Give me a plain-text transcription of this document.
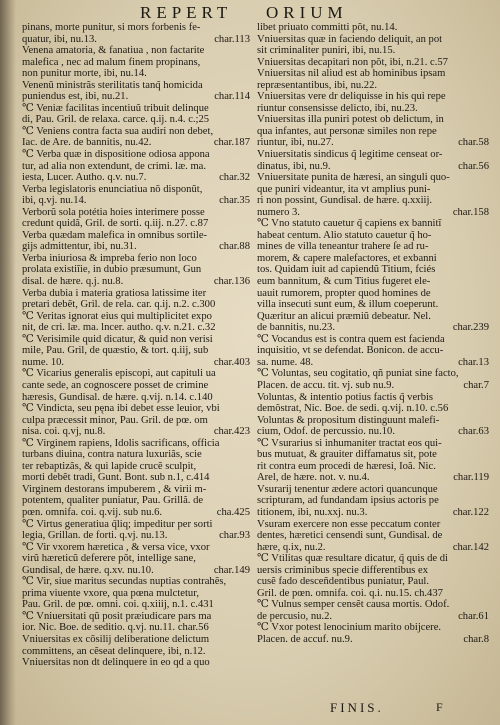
REPERT ORIUM
pinans, morte punitur, si mors forbenis fe-
quatur, ibi, nu.13.	char.113
Venena amatoria, & fanatiua , non factarite
malefica , nec ad malum finem propinans,
non punitur morte, ibi, nu.14.
Venenũ ministrãs sterilitatis tanq̃ homicida
puniendus est, ibi, nu.21.	char.114
℃ Veniæ facilitas incentiuũ tribuit delinque
di, Pau. Gril. de relaxa. carce. q.ij. n.4. c.;25
℃ Veniens contra facta sua audiri non debet,
Iac. de Are. de bannitis, nu.42.	char.187
℃ Verba quæ in dispositione odiosa appona
tur, ad alia non extendunt, de crimi. læ. ma.
iesta, Lucer. Autho. q.v. nu.7.	char.32
Verba legislatoris enunciatiua nõ disponũt,
ibi, q.vj. nu.14.	char.35
Verborũ sola potétia hoies interimere posse
credunt quidã, Gril. de sorti. q.iij. n.27. c.87
Verba quædam malefica in omnibus sortile-
gijs admittentur, ibi, nu.31.	char.88
Verba iniuriosa & impreba ferio non loco
prolata existiĩie, in dubio præsumunt, Gun
disal. de hære. q.j. nu.8.	char.136
Verba dubia i materia gratiosa latissime iter
pretari debẽt, Gril. de rela. car. q.ij. n.2. c.300
℃ Veritas ignorat eius qui multiplicitet expo
nit, de cri. læ. ma. lncer. autho. q.v. n.21. c.32
℃ Verisimile quid dicatur, & quid non verisi
mile, Pau. Gril, de quæstio, & tort. q.iij, sub
nume. 10.	char.403
℃ Vicarius generalis episcopi, aut capituli ua
cante sede, an cognoscere posset de crimine
hæresis, Gundisal. de hære. q.vij. n.14. c.140
℃ Vindicta, seu pęna ibi debet esse leuior, vbi
culpa præcessit minor, Pau. Gril. de pœ. om
nisa. coi. q.vj, nu.8.	char.423
℃ Virginem rapiens, Idolis sacrificans, officia
turbans diuina, contra natura luxuriãs, scie
ter rebaptizãs, & qui lapide crucẽ sculpit,
morti debẽt tradi, Gunt. Bont. sub n.1, c.414
Virginem destorans impuberem , & virii m-
potentem, qualiter puniatur, Pau. Grillã. de
pœn. omnifa. coi. q.vij. sub nu.6.	cha.425
℃ Virtus generatiua q̃liq; impeditur per sorti
legia, Grillan. de forti. q.vj. nu.13.	char.93
℃ Vir vxorem hæretica , & versa vice, vxor
virũ hæreticũ deferere põt, intellige sane,
Gundisal, de hære. q.xv. nu.10.	char.149
℃ Vir, siue maritus secundas nuptias contrahẽs,
prima viuente vxore, qua pœna mulctetur,
Pau. Gril. de pœ. omni. coi. q.xiiij, n.1. c.431
℃ Vniuersitati qũ posit præiudicare pars ma
ior. Nic. Boe. de seditio. q.vj. nu.11. char.56
Vniuersitas ex cõsilij deliberatione delictum
committens, an cẽseat delinquere, ibi, n.12.
Vniuersitas non dt delinquere in eo qd a quo
libet priuato committi põt, nu.14.
Vniuersitas quæ in faciendo deliquit, an pot
sit criminaliter puniri, ibi, nu.15.
Vniuersitas decapitari non põt, ibi, n.21. c.57
Vniuersitas nil aliud est ab hominibus ipsam
repræsentantibus, ibi, nu.22.
Vniuersitas vere dr deliquisse in his qui repe
riuntur consensisse delicto, ibi, nu.23.
Vniuersitas illa puniri potest ob delictum, in
qua infantes, aut personæ similes non repe
riuntur, ibi, nu.27.	char.58
Vniuersitatis sindicus q̃ legitime censeat or-
dinatus, ibi, nu.9.	char.56
Vniuersitate punita de hæresi, an singuli quo-
que puniri videantur, ita vt amplius puni-
ri non possint, Gundisal. de hære. q.xxiij.
numero 3.	char.158
℃ Vno statuto cauetur q̃ capiens ex bannitĩ
habeat centum. Alio statuto cauetur q̃ ho-
mines de villa teneantur trahere ſe ad ru-
morem, & capere malefactores, et exbanni
tos. Quidam iuit ad capiendũ Titium, fciés
eum bannitum, & cum Titius fugeret ele-
uauit rumorem, propter quod homines de
villa insecuti sunt eum, & illum coeperunt.
Quæritur an alicui præmiũ debeatur. Nel.
de bannitis, nu.23.	char.239
℃ Vocandus est is contra quem est facienda
inquisitio, vt se defendat. Bonicon. de accu-
sa. nume. 48.	char.13
℃ Voluntas, seu cogitatio, qñ puniat sine facto,
Placen. de accu. tit. vj. sub nu.9.	char.7
Voluntas, & intentio potius factis q̃ verbis
demõstrat, Nic. Boe. de sedi. q.vij. n.10. c.56
Voluntas & propositum distinguunt malefi-
cium, Odof. de percussio. nu.10.	char.63
℃ Vsurarius si inhumaniter tractat eos qui-
bus mutuat, & grauiter diffamatus sit, pote
rit contra eum procedi de hæresi, Ioã. Nic.
Arel, de hære. not. v. nu.4.	char.119
Vsurarij tenentur ædere actori quancunque
scripturam, ad fundandam ipsius actoris pe
titionem, ibi, nu.xxj. nu.3.	char.122
Vsuram exercere non esse peccatum conter
dentes, hæretici censendi sunt, Gundisal. de
hære, q.ix, nu.2.	char.142
℃ Vtilitas quæ resultare dicatur, q̃ quis de di
uersis criminibus specie differentibus ex
cusẽ fado desceñdentibus puniatur, Paul.
Gril. de pœn. omnifa. coi. q.i. nu.15. ch.437
℃ Vulnus semper censẽt causa mortis. Odof.
de percusio, nu.2.	char.61
℃ Vxor potest lenocinium marito obijcere.
Placen. de accuf. nu.9.	char.8
FINIS.	F
